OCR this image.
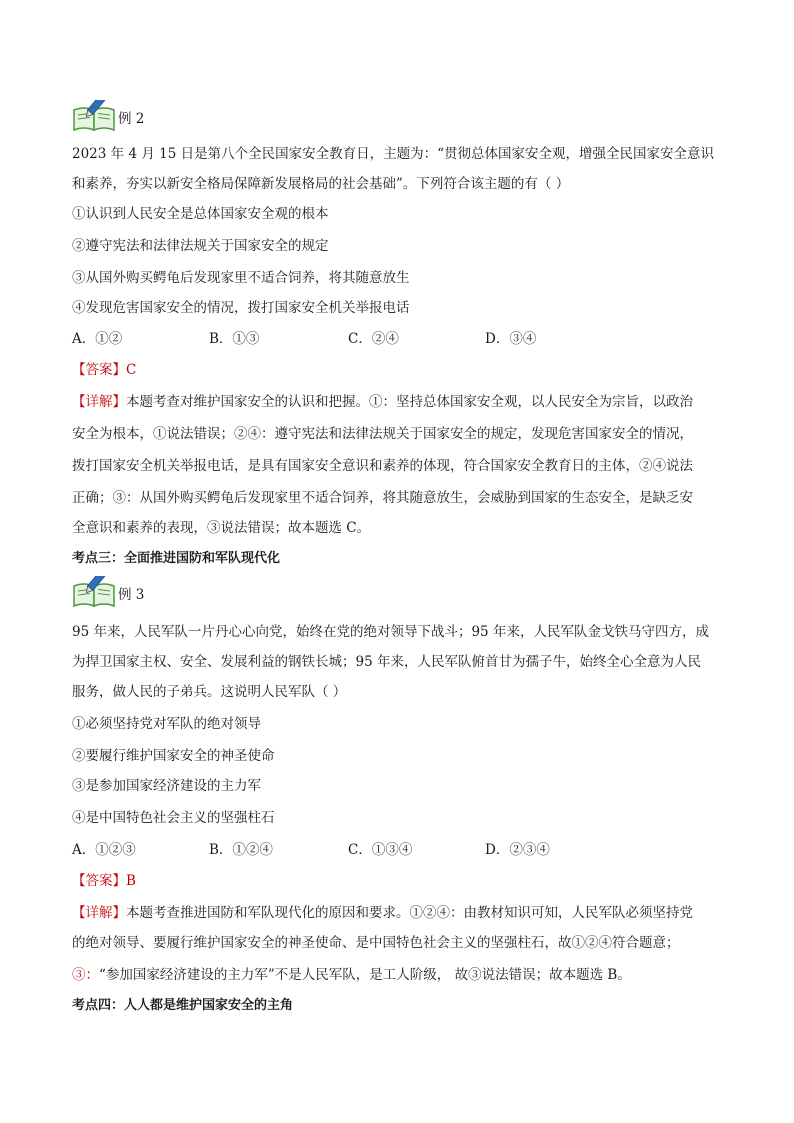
例 2
2023 年 4 月 15 日是第八个全民国家安全教育日，主题为：“贯彻总体国家安全观，增强全民国家安全意识
和素养，夯实以新安全格局保障新发展格局的社会基础”。下列符合该主题的有（ ）
①认识到人民安全是总体国家安全观的根本
②遵守宪法和法律法规关于国家安全的规定
③从国外购买鳄龟后发现家里不适合饲养，将其随意放生
④发现危害国家安全的情况，拨打国家安全机关举报电话
A．①②	B．①③	C．②④	D．③④
【答案】C
【详解】本题考查对维护国家安全的认识和把握。①：坚持总体国家安全观，以人民安全为宗旨，以政治
安全为根本，①说法错误；②④：遵守宪法和法律法规关于国家安全的规定，发现危害国家安全的情况，
拨打国家安全机关举报电话，是具有国家安全意识和素养的体现，符合国家安全教育日的主体，②④说法
正确；③：从国外购买鳄龟后发现家里不适合饲养，将其随意放生，会威胁到国家的生态安全，是缺乏安
全意识和素养的表现，③说法错误；故本题选 C。
考点三：全面推进国防和军队现代化
例 3
95 年来，人民军队一片丹心心向党，始终在党的绝对领导下战斗；95 年来，人民军队金戈铁马守四方，成
为捍卫国家主权、安全、发展利益的钢铁长城；95 年来，人民军队俯首甘为孺子牛，始终全心全意为人民
服务，做人民的子弟兵。这说明人民军队（ ）
①必须坚持党对军队的绝对领导
②要履行维护国家安全的神圣使命
③是参加国家经济建设的主力军
④是中国特色社会主义的坚强柱石
A．①②③	B．①②④	C．①③④	D．②③④
【答案】B
【详解】本题考查推进国防和军队现代化的原因和要求。①②④：由教材知识可知，人民军队必须坚持党
的绝对领导、要履行维护国家安全的神圣使命、是中国特色社会主义的坚强柱石，故①②④符合题意；
③：“参加国家经济建设的主力军”不是人民军队，是工人阶级， 故③说法错误；故本题选 B。
考点四：人人都是维护国家安全的主角
